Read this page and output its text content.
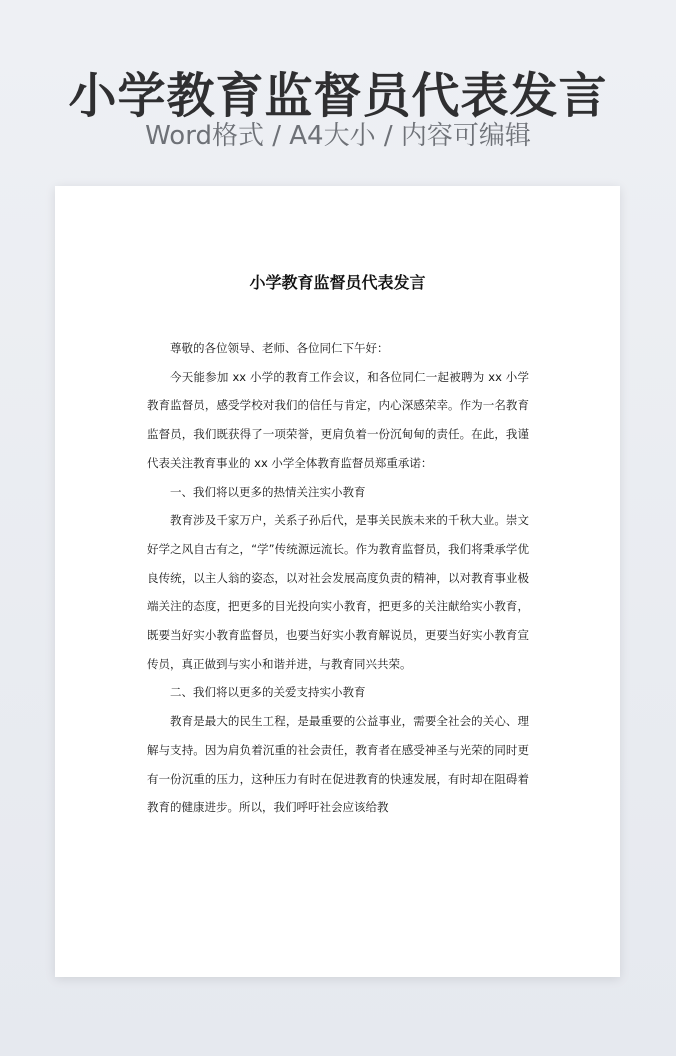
小学教育监督员代表发言
Word格式 / A4大小 / 内容可编辑
小学教育监督员代表发言

尊敬的各位领导、老师、各位同仁下午好：

今天能参加 xx 小学的教育工作会议，和各位同仁一起被聘为 xx 小学教育监督员，感受学校对我们的信任与肯定，内心深感荣幸。作为一名教育监督员，我们既获得了一项荣誉，更肩负着一份沉甸甸的责任。在此，我谨代表关注教育事业的 xx 小学全体教育监督员郑重承诺：

一、我们将以更多的热情关注实小教育

教育涉及千家万户，关系子孙后代，是事关民族未来的千秋大业。崇文好学之风自古有之，“学”传统源远流长。作为教育监督员，我们将秉承学优良传统，以主人翁的姿态，以对社会发展高度负责的精神，以对教育事业极端关注的态度，把更多的目光投向实小教育，把更多的关注献给实小教育，既要当好实小教育监督员，也要当好实小教育解说员，更要当好实小教育宣传员，真正做到与实小和谐并进，与教育同兴共荣。

二、我们将以更多的关爱支持实小教育

教育是最大的民生工程，是最重要的公益事业，需要全社会的关心、理解与支持。因为肩负着沉重的社会责任，教育者在感受神圣与光荣的同时更有一份沉重的压力，这种压力有时在促进教育的快速发展，有时却在阻碍着教育的健康进步。所以，我们呼吁社会应该给教
